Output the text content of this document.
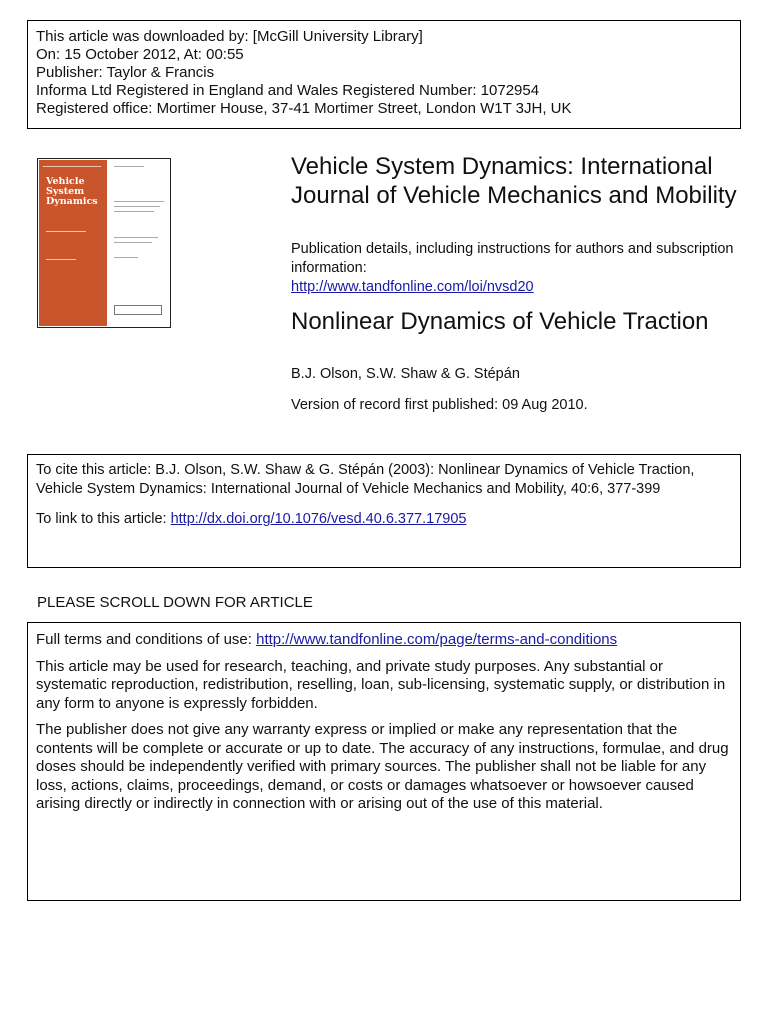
This article was downloaded by: [McGill University Library]

On: 15 October 2012, At: 00:55

Publisher: Taylor & Francis

Informa Ltd Registered in England and Wales Registered Number: 1072954

Registered office: Mortimer House, 37-41 Mortimer Street, London W1T 3JH, UK

Vehicle
System
Dynamics
Vehicle System Dynamics: International Journal of Vehicle Mechanics and Mobility

Publication details, including instructions for authors and subscription information:
http://www.tandfonline.com/loi/nvsd20

Nonlinear Dynamics of Vehicle Traction

B.J. Olson, S.W. Shaw & G. Stépán

Version of record first published: 09 Aug 2010.

To cite this article: B.J. Olson, S.W. Shaw & G. Stépán (2003): Nonlinear Dynamics of Vehicle Traction, Vehicle System Dynamics: International Journal of Vehicle Mechanics and Mobility, 40:6, 377-399

To link to this article: http://dx.doi.org/10.1076/vesd.40.6.377.17905

PLEASE SCROLL DOWN FOR ARTICLE

Full terms and conditions of use: http://www.tandfonline.com/page/terms-and-conditions

This article may be used for research, teaching, and private study purposes. Any substantial or systematic reproduction, redistribution, reselling, loan, sub-licensing, systematic supply, or distribution in any form to anyone is expressly forbidden.

The publisher does not give any warranty express or implied or make any representation that the contents will be complete or accurate or up to date. The accuracy of any instructions, formulae, and drug doses should be independently verified with primary sources. The publisher shall not be liable for any loss, actions, claims, proceedings, demand, or costs or damages whatsoever or howsoever caused arising directly or indirectly in connection with or arising out of the use of this material.
